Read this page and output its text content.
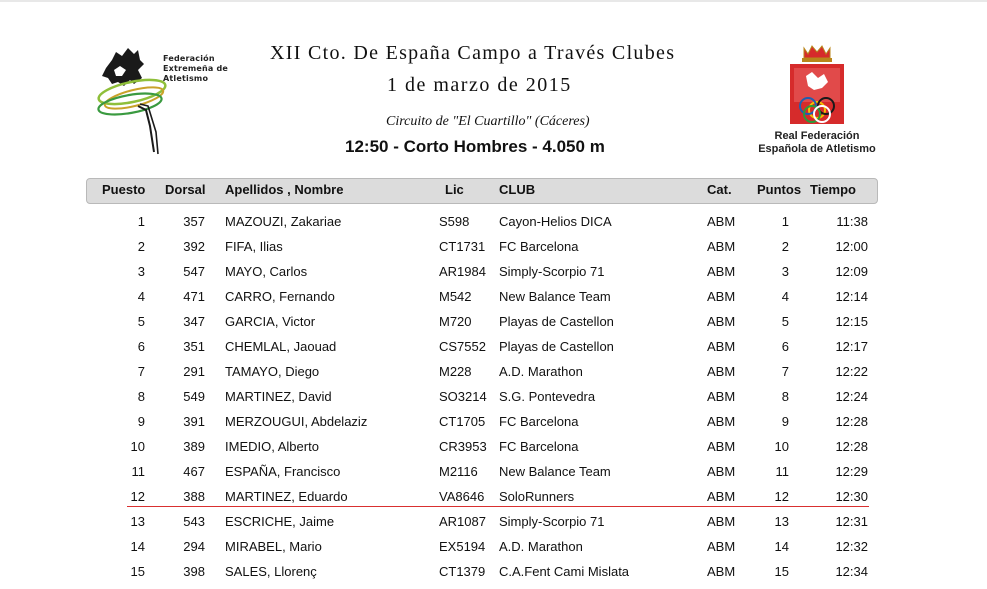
Federación
Extremeña de
Atletismo
XII Cto. De España Campo a Través Clubes
1 de marzo de 2015
Circuito de "El Cuartillo" (Cáceres)
12:50 - Corto Hombres - 4.050 m
Real Federación
Española de Atletismo
Puesto Dorsal Apellidos , Nombre	Lic	CLUB	Cat. Puntos Tiempo
1	357 MAZOUZI, Zakariae	S598 Cayon-Helios DICA	ABM	1	11:38
2	392 FIFA, Ilias	CT1731 FC Barcelona	ABM	2	12:00
3	547 MAYO, Carlos	AR1984 Simply-Scorpio 71	ABM	3	12:09
4	471 CARRO, Fernando	M542 New Balance Team	ABM	4	12:14
5	347 GARCIA, Victor	M720 Playas de Castellon	ABM	5	12:15
6	351 CHEMLAL, Jaouad	CS7552 Playas de Castellon	ABM	6	12:17
7	291 TAMAYO, Diego	M228 A.D. Marathon	ABM	7	12:22
8	549 MARTINEZ, David	SO3214 S.G. Pontevedra	ABM	8	12:24
9	391 MERZOUGUI, Abdelaziz	CT1705 FC Barcelona	ABM	9	12:28
10	389 IMEDIO, Alberto	CR3953 FC Barcelona	ABM	10	12:28
11	467 ESPAÑA, Francisco	M2116 New Balance Team	ABM	11	12:29
12	388 MARTINEZ, Eduardo	VA8646 SoloRunners	ABM	12	12:30
13	543 ESCRICHE, Jaime	AR1087 Simply-Scorpio 71	ABM	13	12:31
14	294 MIRABEL, Mario	EX5194 A.D. Marathon	ABM	14	12:32
15	398 SALES, Llorenç	CT1379 C.A.Fent Cami Mislata	ABM	15	12:34
